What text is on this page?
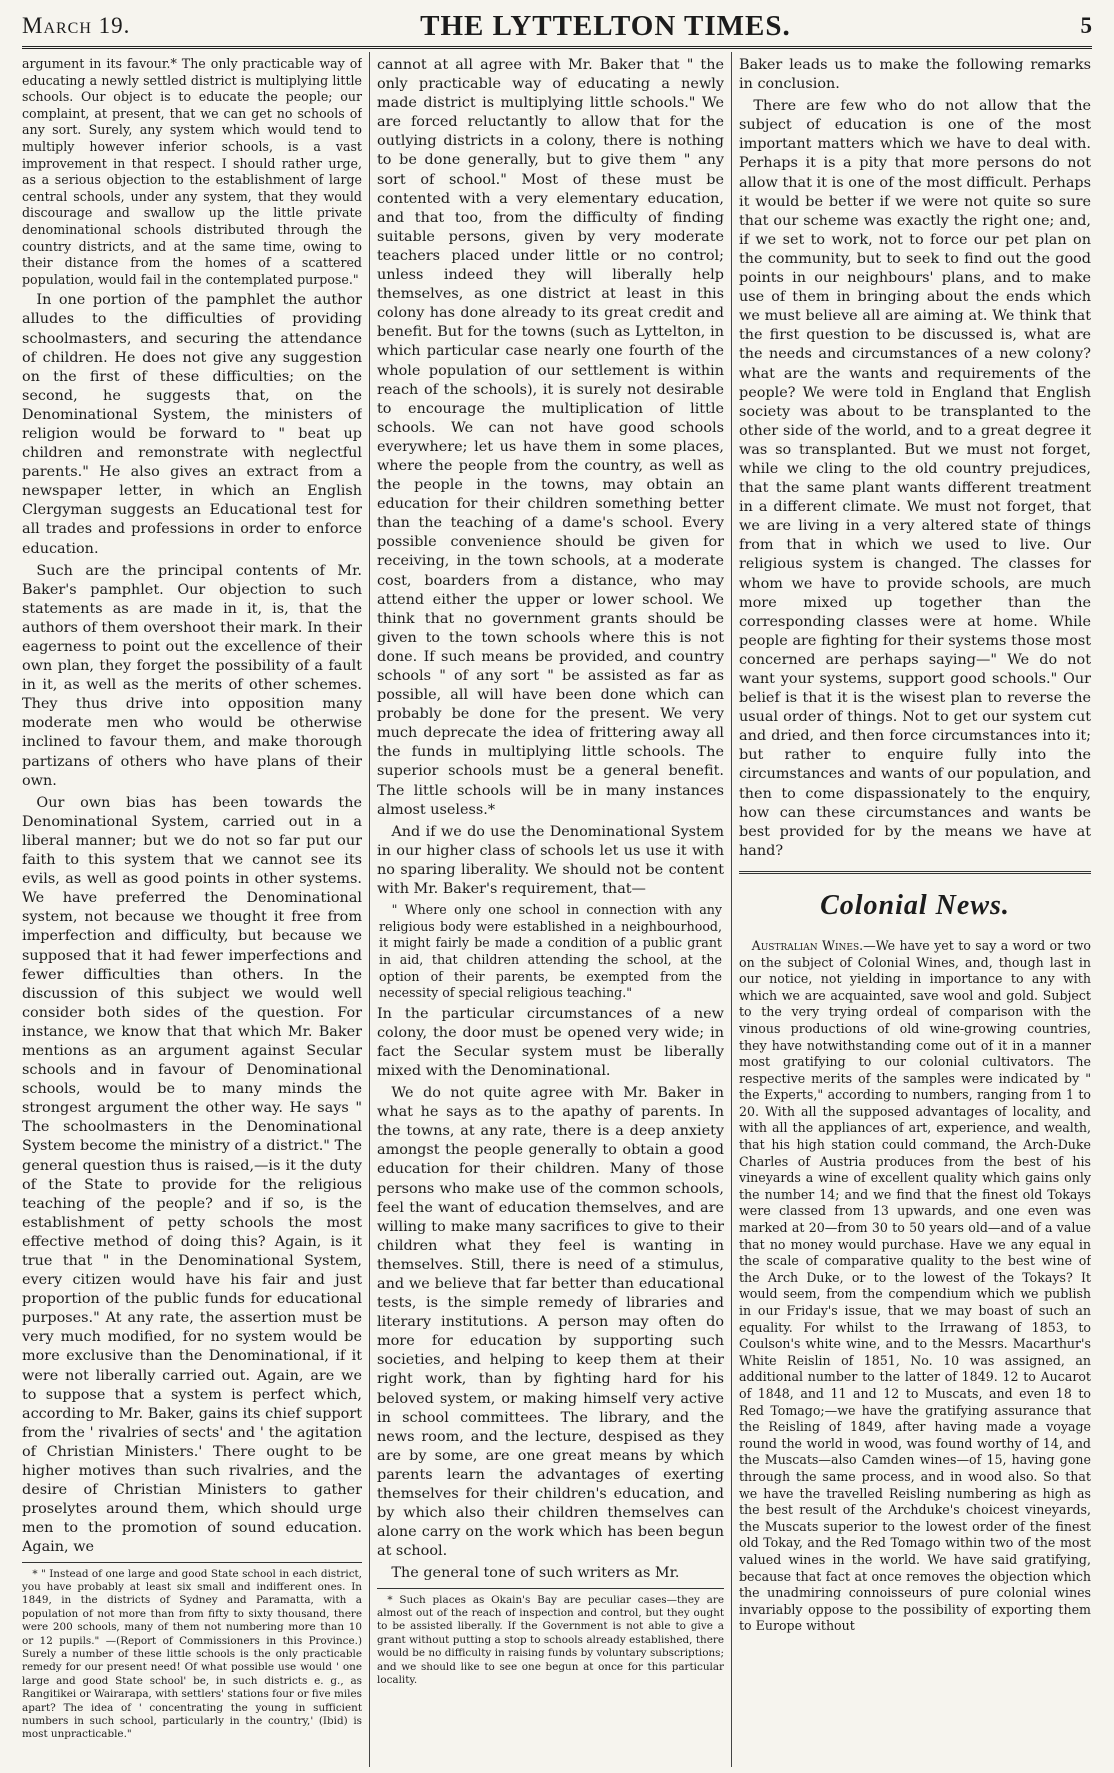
March 19.	THE LYTTELTON TIMES.	5

argument in its favour.* The only practicable way of educating a newly settled district is multiplying little schools. Our object is to educate the people; our complaint, at present, that we can get no schools of any sort. Surely, any system which would tend to multiply however inferior schools, is a vast improvement in that respect. I should rather urge, as a serious objection to the establishment of large central schools, under any system, that they would discourage and swallow up the little private denominational schools distributed through the country districts, and at the same time, owing to their distance from the homes of a scattered population, would fail in the contemplated purpose."

In one portion of the pamphlet the author alludes to the difficulties of providing schoolmasters, and securing the attendance of children. He does not give any suggestion on the first of these difficulties; on the second, he suggests that, on the Denominational System, the ministers of religion would be forward to " beat up children and remonstrate with neglectful parents." He also gives an extract from a newspaper letter, in which an English Clergyman suggests an Educational test for all trades and professions in order to enforce education.

Such are the principal contents of Mr. Baker's pamphlet. Our objection to such statements as are made in it, is, that the authors of them overshoot their mark. In their eagerness to point out the excellence of their own plan, they forget the possibility of a fault in it, as well as the merits of other schemes. They thus drive into opposition many moderate men who would be otherwise inclined to favour them, and make thorough partizans of others who have plans of their own.

Our own bias has been towards the Denominational System, carried out in a liberal manner; but we do not so far put our faith to this system that we cannot see its evils, as well as good points in other systems. We have preferred the Denominational system, not because we thought it free from imperfection and difficulty, but because we supposed that it had fewer imperfections and fewer difficulties than others. In the discussion of this subject we would well consider both sides of the question. For instance, we know that that which Mr. Baker mentions as an argument against Secular schools and in favour of Denominational schools, would be to many minds the strongest argument the other way. He says " The schoolmasters in the Denominational System become the ministry of a district." The general question thus is raised,—is it the duty of the State to provide for the religious teaching of the people? and if so, is the establishment of petty schools the most effective method of doing this? Again, is it true that " in the Denominational System, every citizen would have his fair and just proportion of the public funds for educational purposes." At any rate, the assertion must be very much modified, for no system would be more exclusive than the Denominational, if it were not liberally carried out. Again, are we to suppose that a system is perfect which, according to Mr. Baker, gains its chief support from the ' rivalries of sects' and ' the agitation of Christian Ministers.' There ought to be higher motives than such rivalries, and the desire of Christian Ministers to gather proselytes around them, which should urge men to the promotion of sound education. Again, we

* " Instead of one large and good State school in each district, you have probably at least six small and indifferent ones. In 1849, in the districts of Sydney and Paramatta, with a population of not more than from fifty to sixty thousand, there were 200 schools, many of them not numbering more than 10 or 12 pupils." —(Report of Commissioners in this Province.) Surely a number of these little schools is the only practicable remedy for our present need! Of what possible use would ' one large and good State school' be, in such districts e. g., as Rangitikei or Wairarapa, with settlers' stations four or five miles apart? The idea of ' concentrating the young in sufficient numbers in such school, particularly in the country,' (Ibid) is most unpracticable."

cannot at all agree with Mr. Baker that " the only practicable way of educating a newly made district is multiplying little schools." We are forced reluctantly to allow that for the outlying districts in a colony, there is nothing to be done generally, but to give them " any sort of school." Most of these must be contented with a very elementary education, and that too, from the difficulty of finding suitable persons, given by very moderate teachers placed under little or no control; unless indeed they will liberally help themselves, as one district at least in this colony has done already to its great credit and benefit. But for the towns (such as Lyttelton, in which particular case nearly one fourth of the whole population of our settlement is within reach of the schools), it is surely not desirable to encourage the multiplication of little schools. We can not have good schools everywhere; let us have them in some places, where the people from the country, as well as the people in the towns, may obtain an education for their children something better than the teaching of a dame's school. Every possible convenience should be given for receiving, in the town schools, at a moderate cost, boarders from a distance, who may attend either the upper or lower school. We think that no government grants should be given to the town schools where this is not done. If such means be provided, and country schools " of any sort " be assisted as far as possible, all will have been done which can probably be done for the present. We very much deprecate the idea of frittering away all the funds in multiplying little schools. The superior schools must be a general benefit. The little schools will be in many instances almost useless.*

And if we do use the Denominational System in our higher class of schools let us use it with no sparing liberality. We should not be content with Mr. Baker's requirement, that—

" Where only one school in connection with any religious body were established in a neighbourhood, it might fairly be made a condition of a public grant in aid, that children attending the school, at the option of their parents, be exempted from the necessity of special religious teaching."

In the particular circumstances of a new colony, the door must be opened very wide; in fact the Secular system must be liberally mixed with the Denominational.

We do not quite agree with Mr. Baker in what he says as to the apathy of parents. In the towns, at any rate, there is a deep anxiety amongst the people generally to obtain a good education for their children. Many of those persons who make use of the common schools, feel the want of education themselves, and are willing to make many sacrifices to give to their children what they feel is wanting in themselves. Still, there is need of a stimulus, and we believe that far better than educational tests, is the simple remedy of libraries and literary institutions. A person may often do more for education by supporting such societies, and helping to keep them at their right work, than by fighting hard for his beloved system, or making himself very active in school committees. The library, and the news room, and the lecture, despised as they are by some, are one great means by which parents learn the advantages of exerting themselves for their children's education, and by which also their children themselves can alone carry on the work which has been begun at school.

The general tone of such writers as Mr.

* Such places as Okain's Bay are peculiar cases—they are almost out of the reach of inspection and control, but they ought to be assisted liberally. If the Government is not able to give a grant without putting a stop to schools already established, there would be no difficulty in raising funds by voluntary subscriptions; and we should like to see one begun at once for this particular locality.

Baker leads us to make the following remarks in conclusion.

There are few who do not allow that the subject of education is one of the most important matters which we have to deal with. Perhaps it is a pity that more persons do not allow that it is one of the most difficult. Perhaps it would be better if we were not quite so sure that our scheme was exactly the right one; and, if we set to work, not to force our pet plan on the community, but to seek to find out the good points in our neighbours' plans, and to make use of them in bringing about the ends which we must believe all are aiming at. We think that the first question to be discussed is, what are the needs and circumstances of a new colony? what are the wants and requirements of the people? We were told in England that English society was about to be transplanted to the other side of the world, and to a great degree it was so transplanted. But we must not forget, while we cling to the old country prejudices, that the same plant wants different treatment in a different climate. We must not forget, that we are living in a very altered state of things from that in which we used to live. Our religious system is changed. The classes for whom we have to provide schools, are much more mixed up together than the corresponding classes were at home. While people are fighting for their systems those most concerned are perhaps saying—" We do not want your systems, support good schools." Our belief is that it is the wisest plan to reverse the usual order of things. Not to get our system cut and dried, and then force circumstances into it; but rather to enquire fully into the circumstances and wants of our population, and then to come dispassionately to the enquiry, how can these circumstances and wants be best provided for by the means we have at hand?

Colonial News.

Australian Wines.—We have yet to say a word or two on the subject of Colonial Wines, and, though last in our notice, not yielding in importance to any with which we are acquainted, save wool and gold. Subject to the very trying ordeal of comparison with the vinous productions of old wine-growing countries, they have notwithstanding come out of it in a manner most gratifying to our colonial cultivators. The respective merits of the samples were indicated by " the Experts," according to numbers, ranging from 1 to 20. With all the supposed advantages of locality, and with all the appliances of art, experience, and wealth, that his high station could command, the Arch-Duke Charles of Austria produces from the best of his vineyards a wine of excellent quality which gains only the number 14; and we find that the finest old Tokays were classed from 13 upwards, and one even was marked at 20—from 30 to 50 years old—and of a value that no money would purchase. Have we any equal in the scale of comparative quality to the best wine of the Arch Duke, or to the lowest of the Tokays? It would seem, from the compendium which we publish in our Friday's issue, that we may boast of such an equality. For whilst to the Irrawang of 1853, to Coulson's white wine, and to the Messrs. Macarthur's White Reislin of 1851, No. 10 was assigned, an additional number to the latter of 1849. 12 to Aucarot of 1848, and 11 and 12 to Muscats, and even 18 to Red Tomago;—we have the gratifying assurance that the Reisling of 1849, after having made a voyage round the world in wood, was found worthy of 14, and the Muscats—also Camden wines—of 15, having gone through the same process, and in wood also. So that we have the travelled Reisling numbering as high as the best result of the Archduke's choicest vineyards, the Muscats superior to the lowest order of the finest old Tokay, and the Red Tomago within two of the most valued wines in the world. We have said gratifying, because that fact at once removes the objection which the unadmiring connoisseurs of pure colonial wines invariably oppose to the possibility of exporting them to Europe without
